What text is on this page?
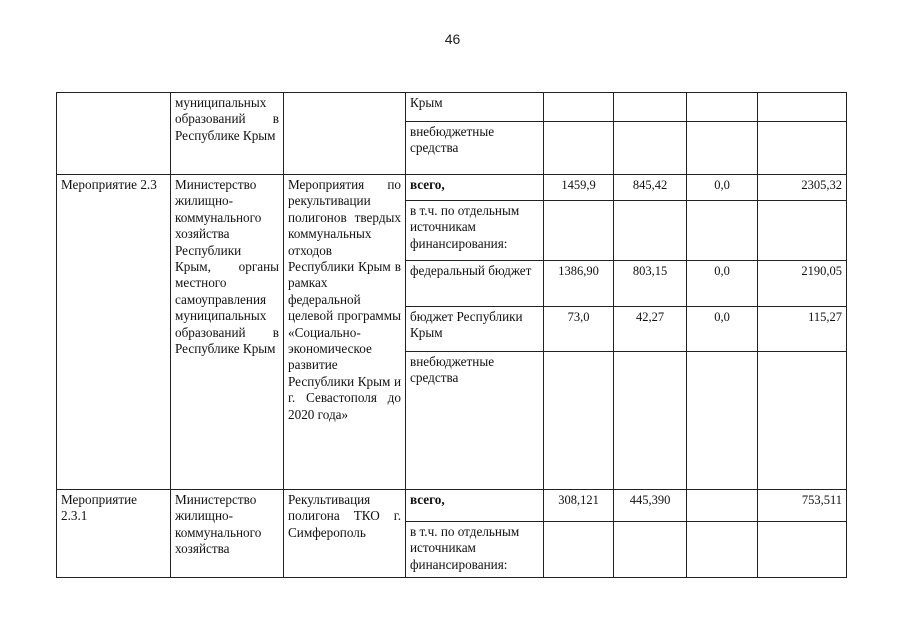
46
	муниципальных образований в Республике Крым		Крым				
			внебюджетные средства				
Мероприятие 2.3	Министерство жилищно-коммунального хозяйства Республики Крым, органы местного самоуправления муниципальных образований в Республике Крым	Мероприятия по рекультивации полигонов твердых коммунальных отходов Республики Крым в рамках федеральной целевой программы «Социально-экономическое развитие Республики Крым и г. Севастополя до 2020 года»	всего,	1459,9	845,42	0,0	2305,32
			в т.ч. по отдельным источникам финансирования:				
			федеральный бюджет	1386,90	803,15	0,0	2190,05
			бюджет Республики Крым	73,0	42,27	0,0	115,27
			внебюджетные средства				
Мероприятие 2.3.1	Министерство жилищно-коммунального хозяйства	Рекультивация полигона ТКО г. Симферополь	всего,	308,121	445,390		753,511
			в т.ч. по отдельным источникам финансирования:				
